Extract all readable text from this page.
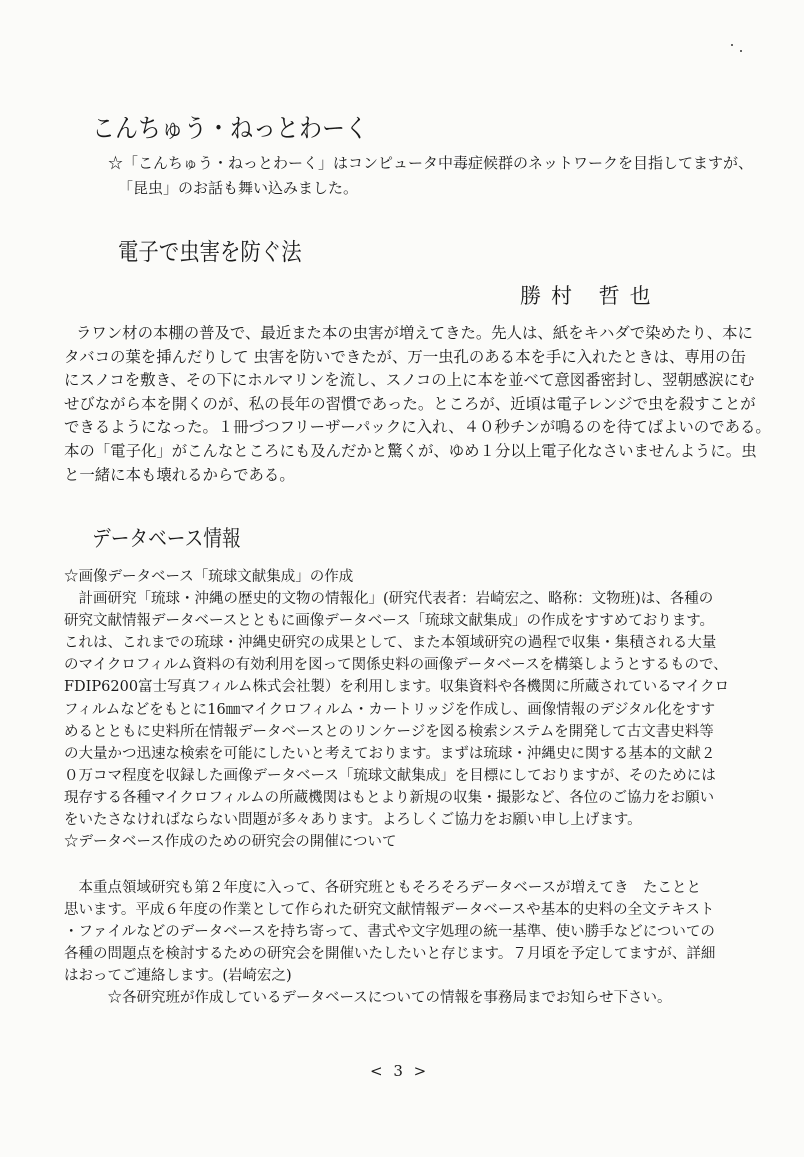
こんちゅう・ねっとわーく
☆「こんちゅう・ねっとわーく」はコンピュータ中毒症候群のネットワークを目指してますが、
「昆虫」のお話も舞い込みました。
電子で虫害を防ぐ法
勝村 哲也
ラワン材の本棚の普及で、最近また本の虫害が増えてきた。先人は、紙をキハダで染めたり、本に
タバコの葉を挿んだりして 虫害を防いできたが、万一虫孔のある本を手に入れたときは、専用の缶
にスノコを敷き、その下にホルマリンを流し、スノコの上に本を並べて意図番密封し、翌朝感涙にむ
せびながら本を開くのが、私の長年の習慣であった。ところが、近頃は電子レンジで虫を殺すことが
できるようになった。１冊づつフリーザーパックに入れ、４０秒チンが鳴るのを待てばよいのである。
本の「電子化」がこんなところにも及んだかと驚くが、ゆめ１分以上電子化なさいませんように。虫
と一緒に本も壊れるからである。
データベース情報
☆画像データベース「琉球文献集成」の作成
　計画研究「琉球・沖縄の歴史的文物の情報化」(研究代表者：岩崎宏之、略称：文物班)は、各種の
研究文献情報データベースとともに画像データベース「琉球文献集成」の作成をすすめております。
これは、これまでの琉球・沖縄史研究の成果として、また本領域研究の過程で収集・集積される大量
のマイクロフィルム資料の有効利用を図って関係史料の画像データベースを構築しようとするもので、
FDIP6200富士写真フィルム株式会社製）を利用します。収集資料や各機関に所蔵されているマイクロ
フィルムなどをもとに16㎜マイクロフィルム・カートリッジを作成し、画像情報のデジタル化をすす
めるとともに史料所在情報データベースとのリンケージを図る検索システムを開発して古文書史料等
の大量かつ迅速な検索を可能にしたいと考えております。まずは琉球・沖縄史に関する基本的文献２
０万コマ程度を収録した画像データベース「琉球文献集成」を目標にしておりますが、そのためには
現存する各種マイクロフィルムの所蔵機関はもとより新規の収集・撮影など、各位のご協力をお願い
をいたさなければならない問題が多々あります。よろしくご協力をお願い申し上げます。
☆データベース作成のための研究会の開催について
　本重点領域研究も第２年度に入って、各研究班ともそろそろデータベースが増えてき　たことと
思います。平成６年度の作業として作られた研究文献情報データベースや基本的史料の全文テキスト
・ファイルなどのデータベースを持ち寄って、書式や文字処理の統一基準、使い勝手などについての
各種の問題点を検討するための研究会を開催いたしたいと存じます。７月頃を予定してますが、詳細
はおってご連絡します。(岩崎宏之)
　　　☆各研究班が作成しているデータベースについての情報を事務局までお知らせ下さい。
< 3 >
